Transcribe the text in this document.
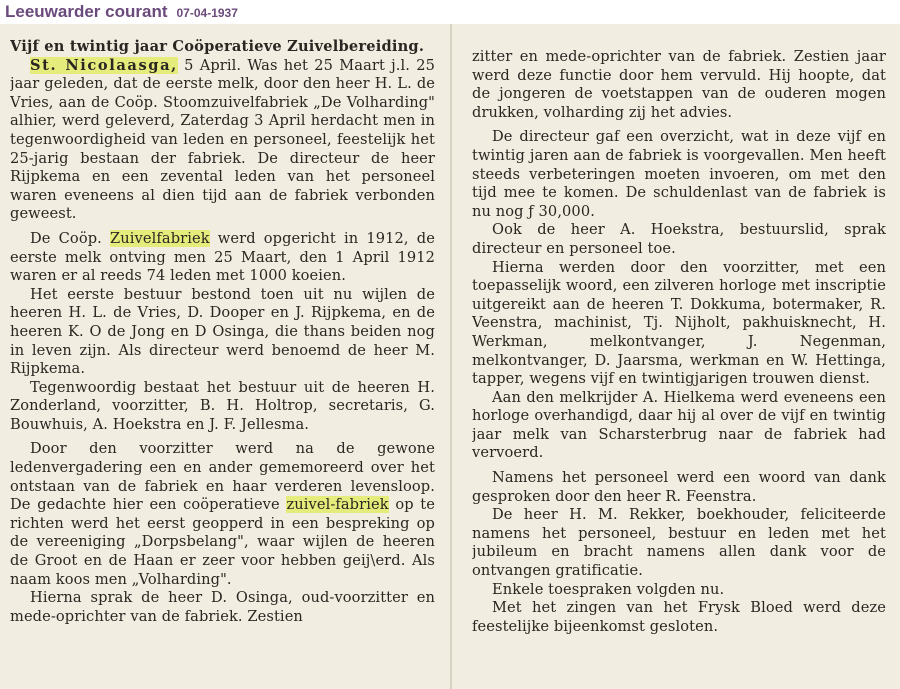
Leeuwarder courant 07-04-1937

Vijf en twintig jaar Coöperatieve Zuivelbereiding.

St. Nicolaasga, 5 April. Was het 25 Maart j.l. 25 jaar geleden, dat de eerste melk, door den heer H. L. de Vries, aan de Coöp. Stoomzuivelfabriek „De Volharding" alhier, werd geleverd, Zaterdag 3 April herdacht men in tegenwoordigheid van leden en personeel, feestelijk het 25-jarig bestaan der fabriek. De directeur de heer Rijpkema en een zevental leden van het personeel waren eveneens al dien tijd aan de fabriek verbonden geweest.

De Coöp. Zuivelfabriek werd opgericht in 1912, de eerste melk ontving men 25 Maart, den 1 April 1912 waren er al reeds 74 leden met 1000 koeien.

Het eerste bestuur bestond toen uit nu wijlen de heeren H. L. de Vries, D. Dooper en J. Rijpkema, en de heeren K. O de Jong en D Osinga, die thans beiden nog in leven zijn. Als directeur werd benoemd de heer M. Rijpkema.

Tegenwoordig bestaat het bestuur uit de heeren H. Zonderland, voorzitter, B. H. Holtrop, secretaris, G. Bouwhuis, A. Hoekstra en J. F. Jellesma.

Door den voorzitter werd na de gewone ledenvergadering een en ander gememoreerd over het ontstaan van de fabriek en haar verderen levensloop. De gedachte hier een coöperatieve zuivel-fabriek op te richten werd het eerst geopperd in een bespreking op de vereeniging „Dorpsbelang", waar wijlen de heeren de Groot en de Haan er zeer voor hebben geij\erd. Als naam koos men „Volharding".

Hierna sprak de heer D. Osinga, oud-voorzitter en mede-oprichter van de fabriek. Zestien

zitter en mede-oprichter van de fabriek. Zestien jaar werd deze functie door hem vervuld. Hij hoopte, dat de jongeren de voetstappen van de ouderen mogen drukken, volharding zij het advies.

De directeur gaf een overzicht, wat in deze vijf en twintig jaren aan de fabriek is voorgevallen. Men heeft steeds verbeteringen moeten invoeren, om met den tijd mee te komen. De schuldenlast van de fabriek is nu nog ƒ 30,000.

Ook de heer A. Hoekstra, bestuurslid, sprak directeur en personeel toe.

Hierna werden door den voorzitter, met een toepasselijk woord, een zilveren horloge met inscriptie uitgereikt aan de heeren T. Dokkuma, botermaker, R. Veenstra, machinist, Tj. Nijholt, pakhuisknecht, H. Werkman, melkontvanger, J. Negenman, melkontvanger, D. Jaarsma, werkman en W. Hettinga, tapper, wegens vijf en twintigjarigen trouwen dienst.

Aan den melkrijder A. Hielkema werd eveneens een horloge overhandigd, daar hij al over de vijf en twintig jaar melk van Scharsterbrug naar de fabriek had vervoerd.

Namens het personeel werd een woord van dank gesproken door den heer R. Feenstra.

De heer H. M. Rekker, boekhouder, feliciteerde namens het personeel, bestuur en leden met het jubileum en bracht namens allen dank voor de ontvangen gratificatie.

Enkele toespraken volgden nu.

Met het zingen van het Frysk Bloed werd deze feestelijke bijeenkomst gesloten.
